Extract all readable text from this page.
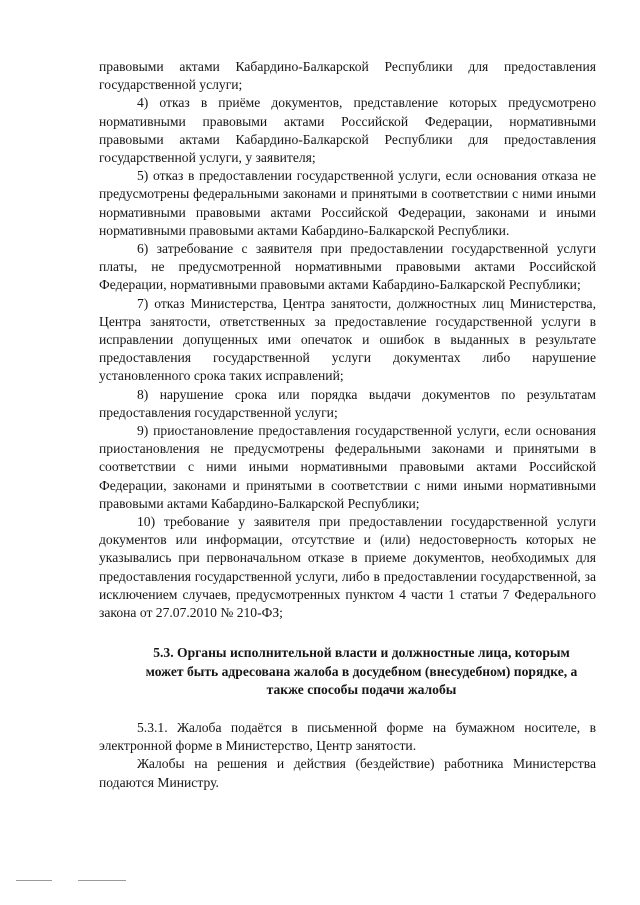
правовыми актами Кабардино-Балкарской Республики для предоставления государственной услуги;

4) отказ в приёме документов, представление которых предусмотрено нормативными правовыми актами Российской Федерации, нормативными правовыми актами Кабардино-Балкарской Республики для предоставления государственной услуги, у заявителя;

5) отказ в предоставлении государственной услуги, если основания отказа не предусмотрены федеральными законами и принятыми в соответствии с ними иными нормативными правовыми актами Российской Федерации, законами и иными нормативными правовыми актами Кабардино-Балкарской Республики.

6) затребование с заявителя при предоставлении государственной услуги платы, не предусмотренной нормативными правовыми актами Российской Федерации, нормативными правовыми актами Кабардино-Балкарской Республики;

7) отказ Министерства, Центра занятости, должностных лиц Министерства, Центра занятости, ответственных за предоставление государственной услуги в исправлении допущенных ими опечаток и ошибок в выданных в результате предоставления государственной услуги документах либо нарушение установленного срока таких исправлений;

8) нарушение срока или порядка выдачи документов по результатам предоставления государственной услуги;

9) приостановление предоставления государственной услуги, если основания приостановления не предусмотрены федеральными законами и принятыми в соответствии с ними иными нормативными правовыми актами Российской Федерации, законами и принятыми в соответствии с ними иными нормативными правовыми актами Кабардино-Балкарской Республики;

10) требование у заявителя при предоставлении государственной услуги документов или информации, отсутствие и (или) недостоверность которых не указывались при первоначальном отказе в приеме документов, необходимых для предоставления государственной услуги, либо в предоставлении государственной, за исключением случаев, предусмотренных пунктом 4 части 1 статьи 7 Федерального закона от 27.07.2010 № 210-ФЗ;

5.3. Органы исполнительной власти и должностные лица, которым может быть адресована жалоба в досудебном (внесудебном) порядке, а также способы подачи жалобы

5.3.1. Жалоба подаётся в письменной форме на бумажном носителе, в электронной форме в Министерство, Центр занятости.

Жалобы на решения и действия (бездействие) работника Министерства подаются Министру.
